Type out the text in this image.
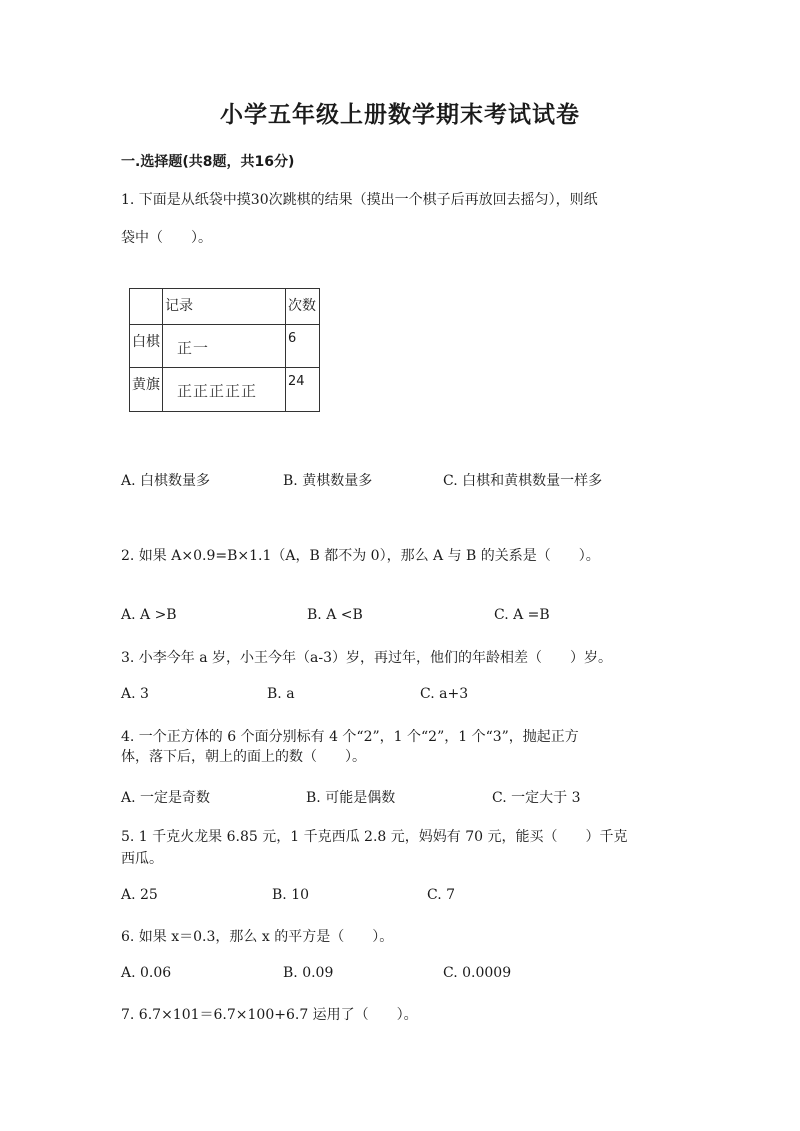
小学五年级上册数学期末考试试卷
一.选择题(共8题，共16分)
1. 下面是从纸袋中摸30次跳棋的结果（摸出一个棋子后再放回去摇匀），则纸
袋中（　　）。

	记录	次数

白棋	正一	6

黄旗	正正正正正	24
A. 白棋数量多	B. 黄棋数量多	C. 白棋和黄棋数量一样多
2. 如果 A×0.9=B×1.1（A，B 都不为 0），那么 A 与 B 的关系是（　　）。
A. A >B	B. A <B	C. A =B
3. 小李今年 a 岁，小王今年（a-3）岁，再过年，他们的年龄相差（　　）岁。
A. 3	B. a	C. a+3
4. 一个正方体的 6 个面分别标有 4 个“2”，1 个“2”，1 个“3”，抛起正方
体，落下后，朝上的面上的数（　　）。
A. 一定是奇数	B. 可能是偶数	C. 一定大于 3
5. 1 千克火龙果 6.85 元，1 千克西瓜 2.8 元，妈妈有 70 元，能买（　　）千克
西瓜。
A. 25	B. 10	C. 7
6. 如果 x＝0.3，那么 x 的平方是（　　）。
A. 0.06	B. 0.09	C. 0.0009
7. 6.7×101＝6.7×100+6.7 运用了（　　）。
